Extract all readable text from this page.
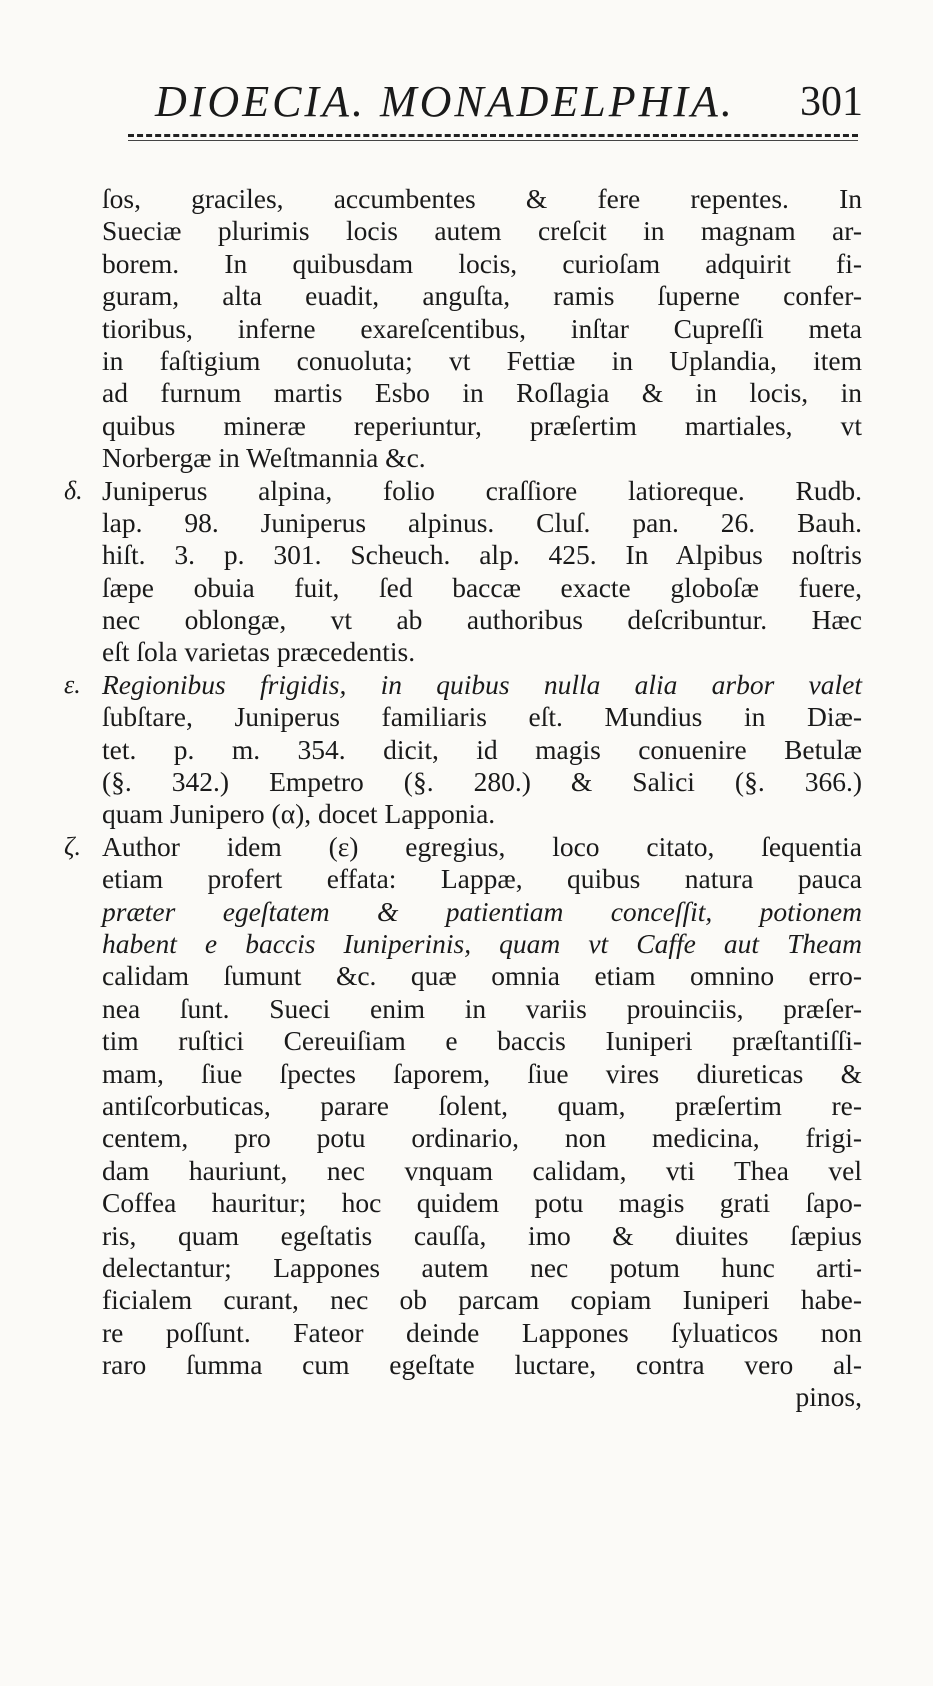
DIOECIA. MONADELPHIA. 301
ſos, graciles, accumbentes & fere repentes. In
Sueciæ plurimis locis autem creſcit in magnam ar-
borem. In quibusdam locis, curioſam adquirit fi-
guram, alta euadit, anguſta, ramis ſuperne confer-
tioribus, inferne exareſcentibus, inſtar Cupreſſi meta
in faſtigium conuoluta; vt Fettiæ in Uplandia, item
ad furnum martis Esbo in Roſlagia & in locis, in
quibus mineræ reperiuntur, præſertim martiales, vt
Norbergæ in Weſtmannia &c.
δ. Juniperus alpina, folio craſſiore latioreque. Rudb.
lap. 98. Juniperus alpinus. Cluſ. pan. 26. Bauh.
hiſt. 3. p. 301. Scheuch. alp. 425. In Alpibus noſtris
ſæpe obuia fuit, ſed baccæ exacte globoſæ fuere,
nec oblongæ, vt ab authoribus deſcribuntur. Hæc
eſt ſola varietas præcedentis.
ε. Regionibus frigidis, in quibus nulla alia arbor valet
ſubſtare, Juniperus familiaris eſt. Mundius in Diæ-
tet. p. m. 354. dicit, id magis conuenire Betulæ
(§. 342.) Empetro (§. 280.) & Salici (§. 366.)
quam Junipero (α), docet Lapponia.
ζ. Author idem (ε) egregius, loco citato, ſequentia
etiam profert effata: Lappæ, quibus natura pauca
præter egeſtatem & patientiam conceſſit, potionem
habent e baccis Iuniperinis, quam vt Caffe aut Theam
calidam ſumunt &c. quæ omnia etiam omnino erro-
nea ſunt. Sueci enim in variis prouinciis, præſer-
tim ruſtici Cereuiſiam e baccis Iuniperi præſtantiſſi-
mam, ſiue ſpectes ſaporem, ſiue vires diureticas &
antiſcorbuticas, parare ſolent, quam, præſertim re-
centem, pro potu ordinario, non medicina, frigi-
dam hauriunt, nec vnquam calidam, vti Thea vel
Coffea hauritur; hoc quidem potu magis grati ſapo-
ris, quam egeſtatis cauſſa, imo & diuites ſæpius
delectantur; Lappones autem nec potum hunc arti-
ficialem curant, nec ob parcam copiam Iuniperi habe-
re poſſunt. Fateor deinde Lappones ſyluaticos non
raro ſumma cum egeſtate luctare, contra vero al-
pinos,
